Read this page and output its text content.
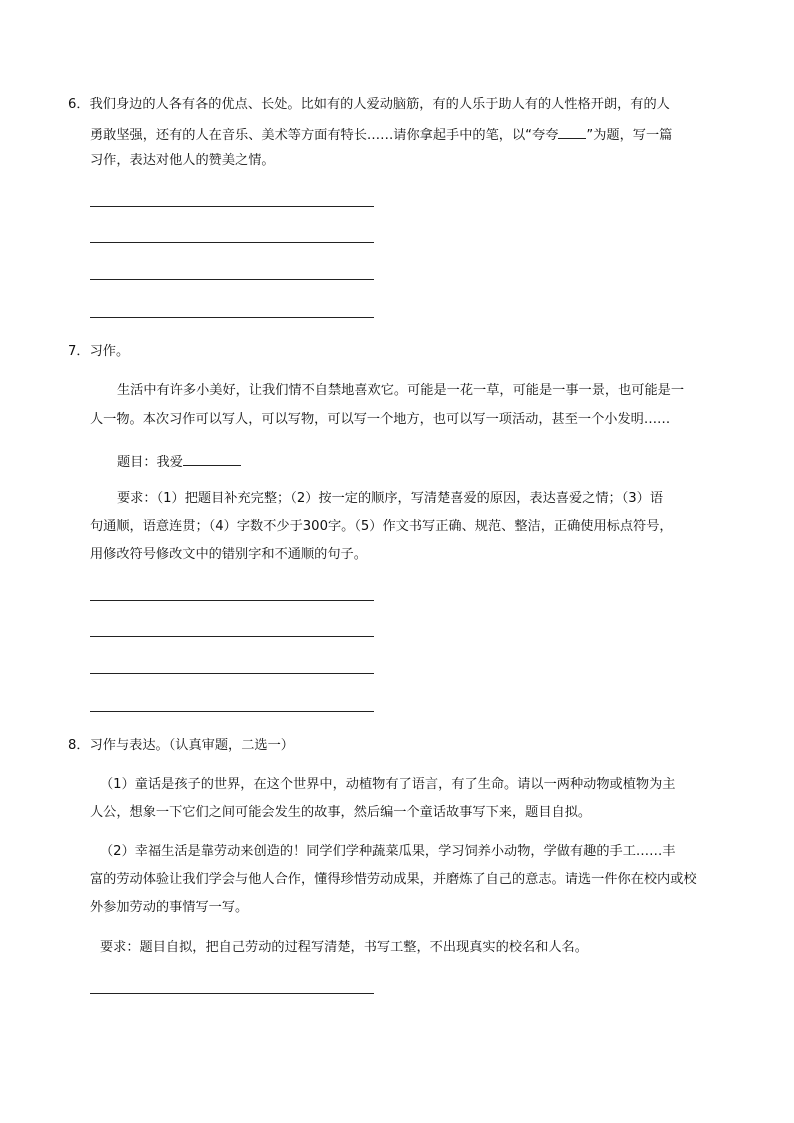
6．我们身边的人各有各的优点、长处。比如有的人爱动脑筋，有的人乐于助人有的人性格开朗，有的人
勇敢坚强，还有的人在音乐、美术等方面有特长……请你拿起手中的笔，以“夸夸 ”为题，写一篇
习作，表达对他人的赞美之情。
7．习作。
生活中有许多小美好，让我们情不自禁地喜欢它。可能是一花一草，可能是一事一景，也可能是一
人一物。本次习作可以写人，可以写物，可以写一个地方，也可以写一项活动，甚至一个小发明……
题目：我爱
要求：（1）把题目补充完整；（2）按一定的顺序，写清楚喜爱的原因，表达喜爱之情；（3）语
句通顺，语意连贯；（4）字数不少于300字。（5）作文书写正确、规范、整洁，正确使用标点符号，
用修改符号修改文中的错别字和不通顺的句子。
8．习作与表达。（认真审题，二选一）
（1）童话是孩子的世界，在这个世界中，动植物有了语言，有了生命。请以一两种动物或植物为主
人公，想象一下它们之间可能会发生的故事，然后编一个童话故事写下来，题目自拟。
（2）幸福生活是靠劳动来创造的！同学们学种蔬菜瓜果，学习饲养小动物，学做有趣的手工……丰
富的劳动体验让我们学会与他人合作，懂得珍惜劳动成果，并磨炼了自己的意志。请选一件你在校内或校
外参加劳动的事情写一写。
要求：题目自拟，把自己劳动的过程写清楚，书写工整，不出现真实的校名和人名。
